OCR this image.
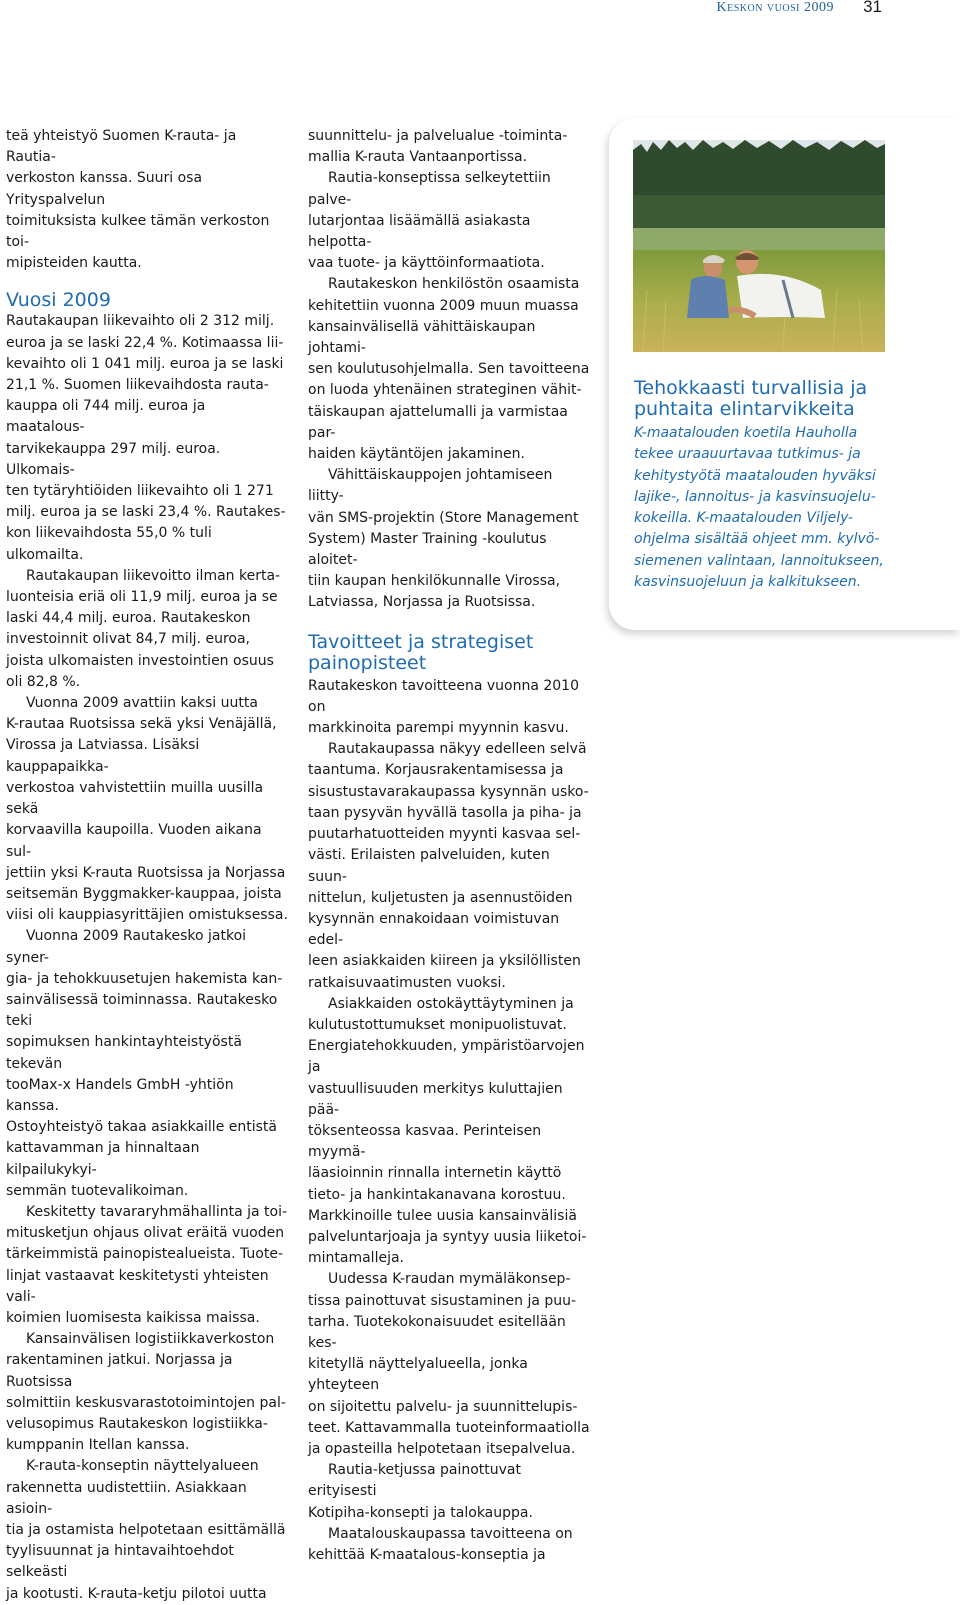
Keskon vuosi 2009 31

teä yhteistyö Suomen K-rauta- ja Rautia-
verkoston kanssa. Suuri osa Yrityspalvelun
toimituksista kulkee tämän verkoston toi-
mipisteiden kautta.

Vuosi 2009

Rautakaupan liikevaihto oli 2 312 milj.
euroa ja se laski 22,4 %. Kotimaassa lii-
kevaihto oli 1 041 milj. euroa ja se laski
21,1 %. Suomen liikevaihdosta rauta-
kauppa oli 744 milj. euroa ja maatalous-
tarvikekauppa 297 milj. euroa. Ulkomais-
ten tytäryhtiöiden liikevaihto oli 1 271
milj. euroa ja se laski 23,4 %. Rautakes-
kon liikevaihdosta 55,0 % tuli ulkomailta.

Rautakaupan liikevoitto ilman kerta-
luonteisia eriä oli 11,9 milj. euroa ja se
laski 44,4 milj. euroa. Rautakeskon
investoinnit olivat 84,7 milj. euroa,
joista ulkomaisten investointien osuus
oli 82,8 %.

Vuonna 2009 avattiin kaksi uutta
K-rautaa Ruotsissa sekä yksi Venäjällä,
Virossa ja Latviassa. Lisäksi kauppapaikka-
verkostoa vahvistettiin muilla uusilla sekä
korvaavilla kaupoilla. Vuoden aikana sul-
jettiin yksi K-rauta Ruotsissa ja Norjassa
seitsemän Byggmakker-kauppaa, joista
viisi oli kauppiasyrittäjien omistuksessa.

Vuonna 2009 Rautakesko jatkoi syner-
gia- ja tehokkuusetujen hakemista kan-
sainvälisessä toiminnassa. Rautakesko teki
sopimuksen hankintayhteistyöstä tekevän
tooMax-x Handels GmbH -yhtiön kanssa.
Ostoyhteistyö takaa asiakkaille entistä
kattavamman ja hinnaltaan kilpailukykyi-
semmän tuotevalikoiman.

Keskitetty tavararyhmähallinta ja toi-
mitusketjun ohjaus olivat eräitä vuoden
tärkeimmistä painopistealueista. Tuote-
linjat vastaavat keskitetysti yhteisten vali-
koimien luomisesta kaikissa maissa.

Kansainvälisen logistiikkaverkoston
rakentaminen jatkui. Norjassa ja Ruotsissa
solmittiin keskusvarastotoimintojen pal-
velusopimus Rautakeskon logistiikka-
kumppanin Itellan kanssa.

K-rauta-konseptin näyttelyalueen
rakennetta uudistettiin. Asiakkaan asioin-
tia ja ostamista helpotetaan esittämällä
tyylisuunnat ja hintavaihtoehdot selkeästi
ja kootusti. K-rauta-ketju pilotoi uutta

suunnittelu- ja palvelualue -toiminta-
mallia K-rauta Vantaanportissa.

Rautia-konseptissa selkeytettiin palve-
lutarjontaa lisäämällä asiakasta helpotta-
vaa tuote- ja käyttöinformaatiota.

Rautakeskon henkilöstön osaamista
kehitettiin vuonna 2009 muun muassa
kansainvälisellä vähittäiskaupan johtami-
sen koulutusohjelmalla. Sen tavoitteena
on luoda yhtenäinen strateginen vähit-
täiskaupan ajattelumalli ja varmistaa par-
haiden käytäntöjen jakaminen.

Vähittäiskauppojen johtamiseen liitty-
vän SMS-projektin (Store Management
System) Master Training -koulutus aloitet-
tiin kaupan henkilökunnalle Virossa,
Latviassa, Norjassa ja Ruotsissa.

Tavoitteet ja strategiset
painopisteet

Rautakeskon tavoitteena vuonna 2010 on
markkinoita parempi myynnin kasvu.

Rautakaupassa näkyy edelleen selvä
taantuma. Korjausrakentamisessa ja
sisustustavarakaupassa kysynnän usko-
taan pysyvän hyvällä tasolla ja piha- ja
puutarhatuotteiden myynti kasvaa sel-
västi. Erilaisten palveluiden, kuten suun-
nittelun, kuljetusten ja asennustöiden
kysynnän ennakoidaan voimistuvan edel-
leen asiakkaiden kiireen ja yksilöllisten
ratkaisuvaatimusten vuoksi.

Asiakkaiden ostokäyttäytyminen ja
kulutustottumukset monipuolistuvat.
Energiatehokkuuden, ympäristöarvojen ja
vastuullisuuden merkitys kuluttajien pää-
töksenteossa kasvaa. Perinteisen myymä-
läasioinnin rinnalla internetin käyttö
tieto- ja hankintakanavana korostuu.
Markkinoille tulee uusia kansainvälisiä
palveluntarjoaja ja syntyy uusia liiketoi-
mintamalleja.

Uudessa K-raudan mymäläkonsep-
tissa painottuvat sisustaminen ja puu-
tarha. Tuotekokonaisuudet esitellään kes-
kitetyllä näyttelyalueella, jonka yhteyteen
on sijoitettu palvelu- ja suunnittelupis-
teet. Kattavammalla tuoteinformaatiolla
ja opasteilla helpotetaan itsepalvelua.

Rautia-ketjussa painottuvat erityisesti
Kotipiha-konsepti ja talokauppa.

Maatalouskaupassa tavoitteena on
kehittää K-maatalous-konseptia ja

Tehokkaasti turvallisia ja
puhtaita elintarvikkeita
K-maatalouden koetila Hauholla
tekee uraauurtavaa tutkimus- ja
kehitystyötä maatalouden hyväksi
lajike-, lannoitus- ja kasvinsuojelu-
kokeilla. K-maatalouden Viljely-
ohjelma sisältää ohjeet mm. kylvö-
siemenen valintaan, lannoitukseen,
kasvinsuojeluun ja kalkitukseen.
